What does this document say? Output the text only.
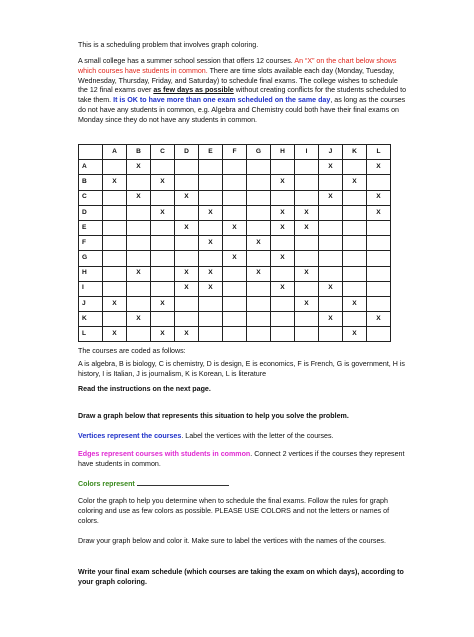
This is a scheduling problem that involves graph coloring.

A small college has a summer school session that offers 12 courses. An “X” on the chart below shows which courses have students in common. There are time slots available each day (Monday, Tuesday, Wednesday, Thursday, Friday, and Saturday) to schedule final exams. The college wishes to schedule the 12 final exams over as few days as possible without creating conflicts for the students scheduled to take them. It is OK to have more than one exam scheduled on the same day, as long as the courses do not have any students in common, e.g. Algebra and Chemistry could both have their final exams on Monday since they do not have any students in common.

	A	B	C	D	E	F	G	H	I	J	K	L
A		X								X		X
B	X		X					X			X	
C		X		X						X		X
D			X		X			X	X			X
E				X		X		X	X			
F					X		X					
G						X		X				
H		X		X	X		X		X			
I				X	X			X		X		
J	X		X						X		X	
K		X								X		X
L	X		X	X							X	

The courses are coded as follows:

A is algebra, B is biology, C is chemistry, D is design, E is economics, F is French, G is government, H is history, I is Italian, J is journalism, K is Korean, L is literature

Read the instructions on the next page.

Draw a graph below that represents this situation to help you solve the problem.

Vertices represent the courses. Label the vertices with the letter of the courses.

Edges represent courses with students in common. Connect 2 vertices if the courses they represent have students in common.

Colors represent

Color the graph to help you determine when to schedule the final exams. Follow the rules for graph coloring and use as few colors as possible. PLEASE USE COLORS and not the letters or names of colors.

Draw your graph below and color it. Make sure to label the vertices with the names of the courses.

Write your final exam schedule (which courses are taking the exam on which days), according to your graph coloring.
